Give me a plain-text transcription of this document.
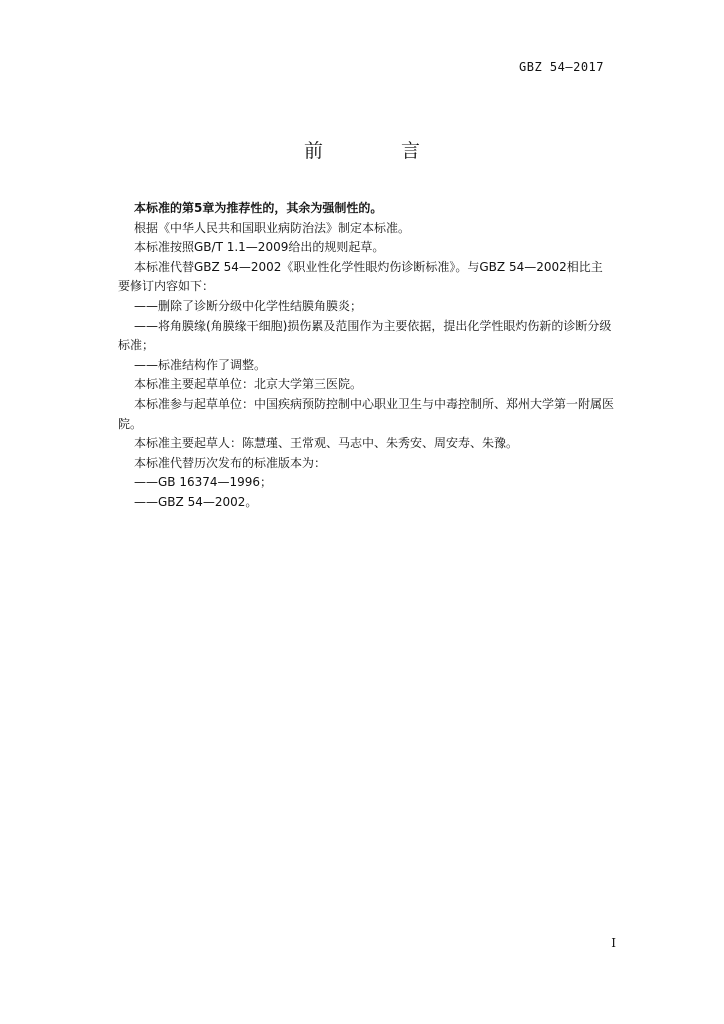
GBZ 54—2017
前 言

本标准的第5章为推荐性的，其余为强制性的。

根据《中华人民共和国职业病防治法》制定本标准。

本标准按照GB/T 1.1—2009给出的规则起草。

本标准代替GBZ 54—2002《职业性化学性眼灼伤诊断标准》。与GBZ 54—2002相比主要修订内容如下：

——删除了诊断分级中化学性结膜角膜炎；

——将角膜缘(角膜缘干细胞)损伤累及范围作为主要依据，提出化学性眼灼伤新的诊断分级标准；

——标准结构作了调整。

本标准主要起草单位：北京大学第三医院。

本标准参与起草单位：中国疾病预防控制中心职业卫生与中毒控制所、郑州大学第一附属医院。

本标准主要起草人：陈慧瑾、王常观、马志中、朱秀安、周安寿、朱豫。

本标准代替历次发布的标准版本为：

——GB 16374—1996；

——GBZ 54—2002。

I
